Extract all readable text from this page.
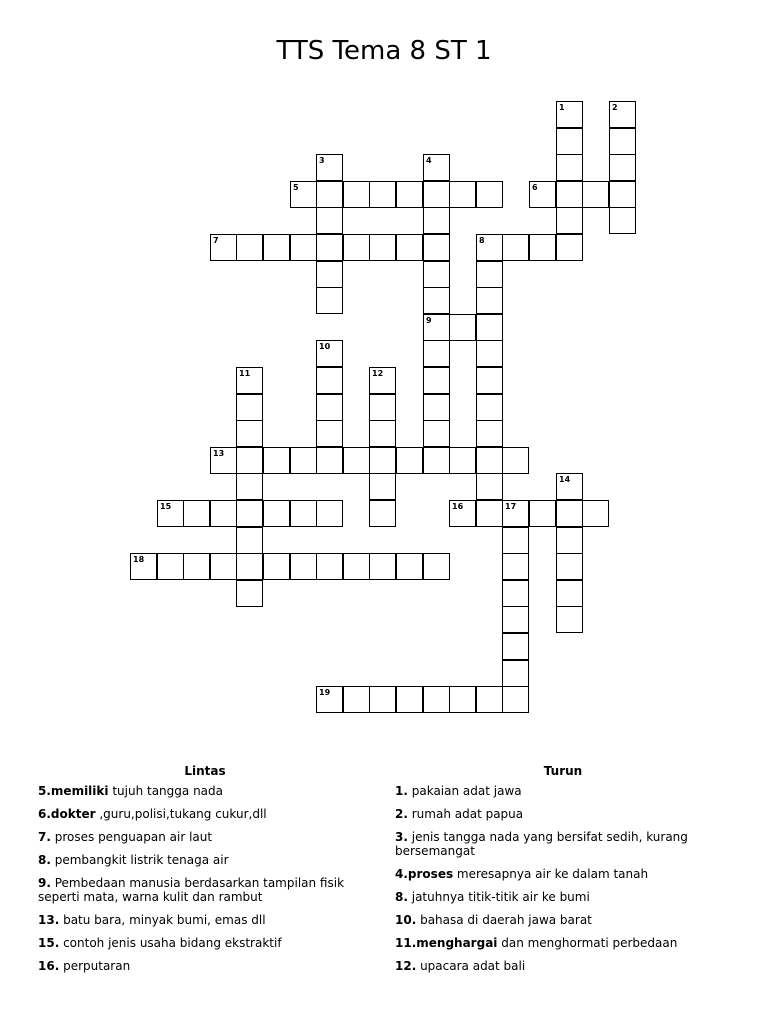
TTS Tema 8 ST 1
1	2
3	4
9
5	6
7	8
10
11	12
13
14
15	16	17
18
19
Lintas	Turun
5.memiliki tujuh tangga nada
6.dokter ,guru,polisi,tukang cukur,dll
7. proses penguapan air laut
8. pembangkit listrik tenaga air
9. Pembedaan manusia berdasarkan tampilan fisik seperti mata, warna kulit dan rambut
13. batu bara, minyak bumi, emas dll
15. contoh jenis usaha bidang ekstraktif
16. perputaran
1. pakaian adat jawa
2. rumah adat papua
3. jenis tangga nada yang bersifat sedih, kurang bersemangat
4.proses meresapnya air ke dalam tanah
8. jatuhnya titik-titik air ke bumi
10. bahasa di daerah jawa barat
11.menghargai dan menghormati perbedaan
12. upacara adat bali
